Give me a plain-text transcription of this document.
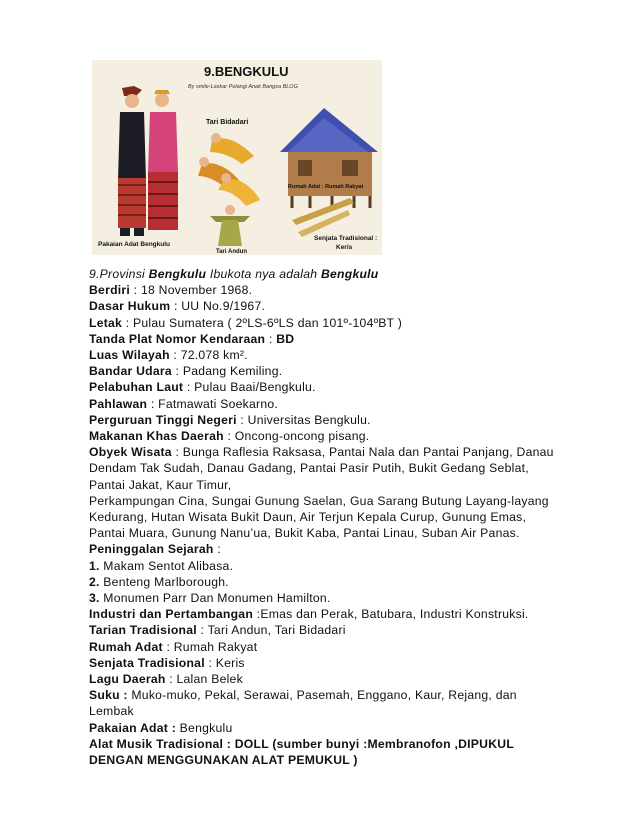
9.BENGKULU
By smile-Laskar Pelangi Anak Bangsa BLOG
Pakaian Adat Bengkulu
Tari Bidadari
Tari Andun
Rumah Adat : Rumah Rakyat
Senjata Tradisional :
Keris
9.Provinsi Bengkulu Ibukota nya adalah Bengkulu
Berdiri : 18 November 1968.
Dasar Hukum : UU No.9/1967.
Letak : Pulau Sumatera ( 2ºLS-6ºLS dan 101º-104ºBT )
Tanda Plat Nomor Kendaraan : BD
Luas Wilayah : 72.078 km².
Bandar Udara : Padang Kemiling.
Pelabuhan Laut : Pulau Baai/Bengkulu.
Pahlawan : Fatmawati Soekarno.
Perguruan Tinggi Negeri : Universitas Bengkulu.
Makanan Khas Daerah : Oncong-oncong pisang.
Obyek Wisata : Bunga Raflesia Raksasa, Pantai Nala dan Pantai Panjang, Danau Dendam Tak Sudah, Danau Gadang, Pantai Pasir Putih, Bukit Gedang Seblat, Pantai Jakat, Kaur Timur,
Perkampungan Cina, Sungai Gunung Saelan, Gua Sarang Butung Layang-layang Kedurang, Hutan Wisata Bukit Daun, Air Terjun Kepala Curup, Gunung Emas, Pantai Muara, Gunung Nanu’ua, Bukit Kaba, Pantai Linau, Suban Air Panas.
Peninggalan Sejarah :
1. Makam Sentot Alibasa.
2. Benteng Marlborough.
3. Monumen Parr Dan Monumen Hamilton.
Industri dan Pertambangan :Emas dan Perak, Batubara, Industri Konstruksi.
Tarian Tradisional : Tari Andun, Tari Bidadari
Rumah Adat : Rumah Rakyat
Senjata Tradisional : Keris
Lagu Daerah : Lalan Belek
Suku : Muko-muko, Pekal, Serawai, Pasemah, Enggano, Kaur, Rejang, dan Lembak
Pakaian Adat : Bengkulu
Alat Musik Tradisional : DOLL (sumber bunyi :Membranofon ,DIPUKUL DENGAN MENGGUNAKAN ALAT PEMUKUL )
